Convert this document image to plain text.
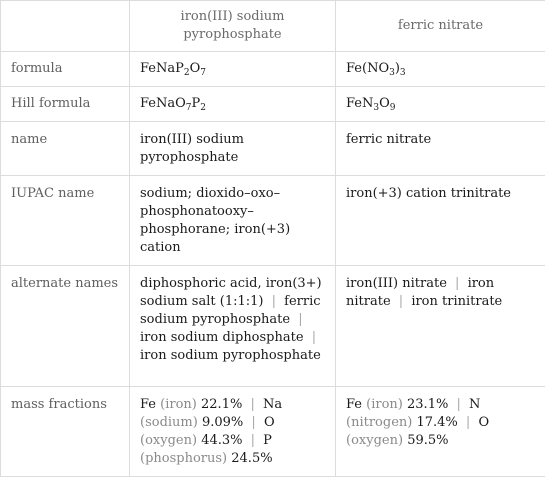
	iron(III) sodium pyrophosphate	ferric nitrate
formula	$FeNaP_2O_7$	$Fe(NO_3)_3$
Hill formula	$FeNaO_7P_2$	$FeN_3O_9$
name	iron(III) sodium pyrophosphate	ferric nitrate
IUPAC name	sodium; dioxido–oxo–phosphonatooxy–phosphorane; iron(+3) cation	iron(+3) cation trinitrate
alternate names	diphosphoric acid, iron(3+) sodium salt (1:1:1) | ferric sodium pyrophosphate | iron sodium diphosphate | iron sodium pyrophosphate	iron(III) nitrate | iron nitrate | iron trinitrate
mass fractions	Fe (iron) 22.1% | Na (sodium) 9.09% | O (oxygen) 44.3% | P (phosphorus) 24.5%	Fe (iron) 23.1% | N (nitrogen) 17.4% | O (oxygen) 59.5%
